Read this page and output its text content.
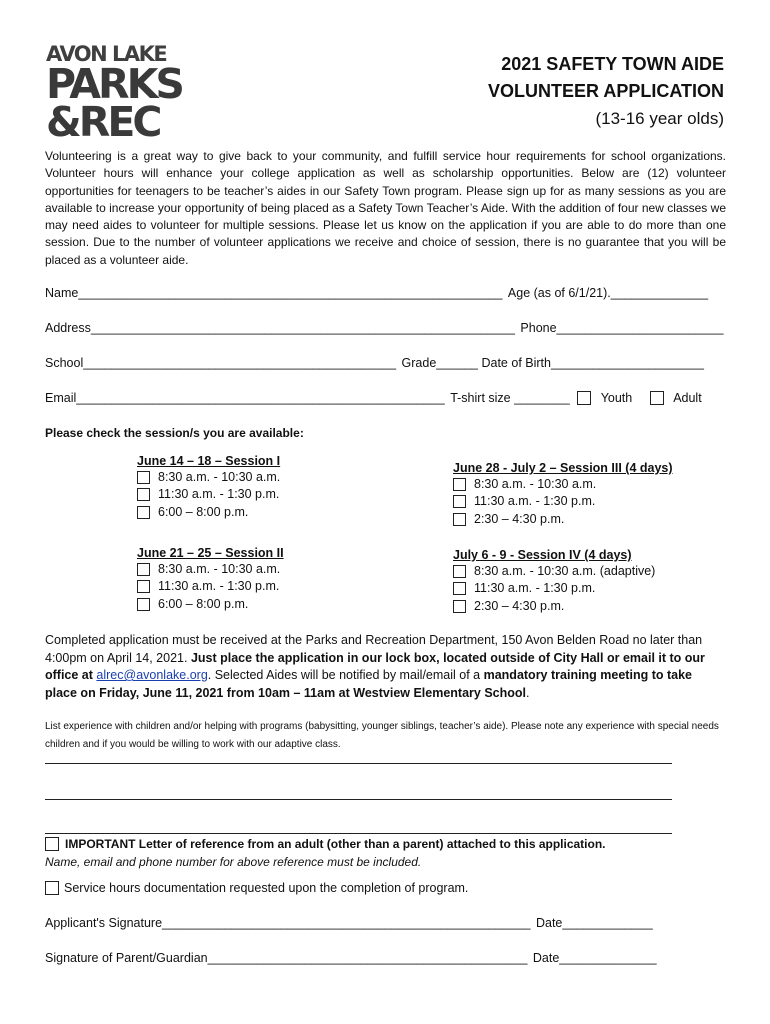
AVON LAKE
PARKS
&REC
2021 SAFETY TOWN AIDE
VOLUNTEER APPLICATION
(13-16 year olds)
Volunteering is a great way to give back to your community, and fulfill service hour requirements for school organizations. Volunteer hours will enhance your college application as well as scholarship opportunities. Below are (12) volunteer opportunities for teenagers to be teacher’s aides in our Safety Town program. Please sign up for as many sessions as you are available to increase your opportunity of being placed as a Safety Town Teacher’s Aide. With the addition of four new classes we may need aides to volunteer for multiple sessions. Please let us know on the application if you are able to do more than one session. Due to the number of volunteer applications we receive and choice of session, there is no guarantee that you will be placed as a volunteer aide.
Name_____________________________________________________________ Age (as of 6/1/21).______________
Address_____________________________________________________________ Phone________________________
School_____________________________________________ Grade______ Date of Birth______________________
Email_____________________________________________________ T-shirt size ________ Youth	Adult
Please check the session/s you are available:
June 14 – 18 – Session I
8:30 a.m. - 10:30 a.m.
11:30 a.m. - 1:30 p.m.
6:00 – 8:00 p.m.
June 21 – 25 – Session II
8:30 a.m. - 10:30 a.m.
11:30 a.m. - 1:30 p.m.
6:00 – 8:00 p.m.
June 28 - July 2 – Session III (4 days)
8:30 a.m. - 10:30 a.m.
11:30 a.m. - 1:30 p.m.
2:30 – 4:30 p.m.
July 6 - 9 - Session IV (4 days)
8:30 a.m. - 10:30 a.m. (adaptive)
11:30 a.m. - 1:30 p.m.
2:30 – 4:30 p.m.
Completed application must be received at the Parks and Recreation Department, 150 Avon Belden Road no later than 4:00pm on April 14, 2021. Just place the application in our lock box, located outside of City Hall or email it to our office at alrec@avonlake.org. Selected Aides will be notified by mail/email of a mandatory training meeting to take place on Friday, June 11, 2021 from 10am – 11am at Westview Elementary School.
List experience with children and/or helping with programs (babysitting, younger siblings, teacher’s aide). Please note any experience with special needs children and if you would be willing to work with our adaptive class.
IMPORTANT Letter of reference from an adult (other than a parent) attached to this application.
Name, email and phone number for above reference must be included.
Service hours documentation requested upon the completion of program.
Applicant's Signature_____________________________________________________ Date_____________
Signature of Parent/Guardian______________________________________________ Date______________
